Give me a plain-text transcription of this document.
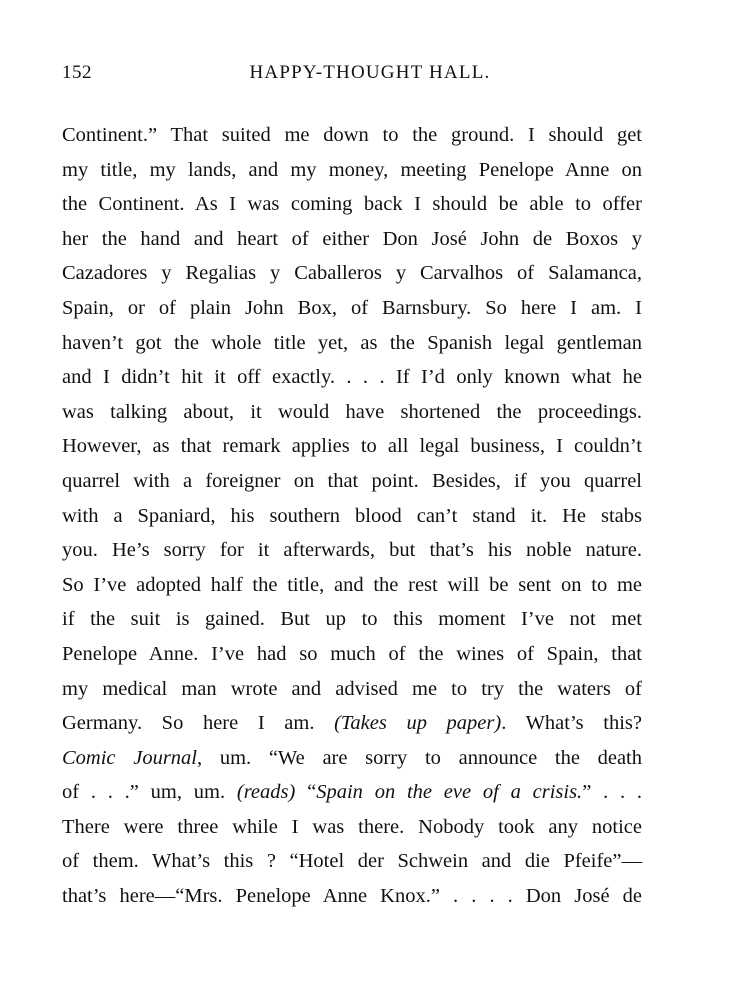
152	HAPPY-THOUGHT HALL.
Continent.” That suited me down to the ground. I should get
my title, my lands, and my money, meeting Penelope Anne on
the Continent. As I was coming back I should be able to offer
her the hand and heart of either Don José John de Boxos y
Cazadores y Regalias y Caballeros y Carvalhos of Salamanca,
Spain, or of plain John Box, of Barnsbury. So here I am. I
haven’t got the whole title yet, as the Spanish legal gentleman
and I didn’t hit it off exactly. . . . If I’d only known what he
was talking about, it would have shortened the proceedings.
However, as that remark applies to all legal business, I couldn’t
quarrel with a foreigner on that point. Besides, if you quarrel
with a Spaniard, his southern blood can’t stand it. He stabs
you. He’s sorry for it afterwards, but that’s his noble nature.
So I’ve adopted half the title, and the rest will be sent on to me
if the suit is gained. But up to this moment I’ve not met
Penelope Anne. I’ve had so much of the wines of Spain, that
my medical man wrote and advised me to try the waters of
Germany. So here I am. (Takes up paper). What’s this?
Comic Journal, um. “We are sorry to announce the death
of . . .” um, um. (reads) “Spain on the eve of a crisis.” . . .
There were three while I was there. Nobody took any notice
of them. What’s this ? “Hotel der Schwein and die Pfeife”—
that’s here—“Mrs. Penelope Anne Knox.” . . . . Don José de
